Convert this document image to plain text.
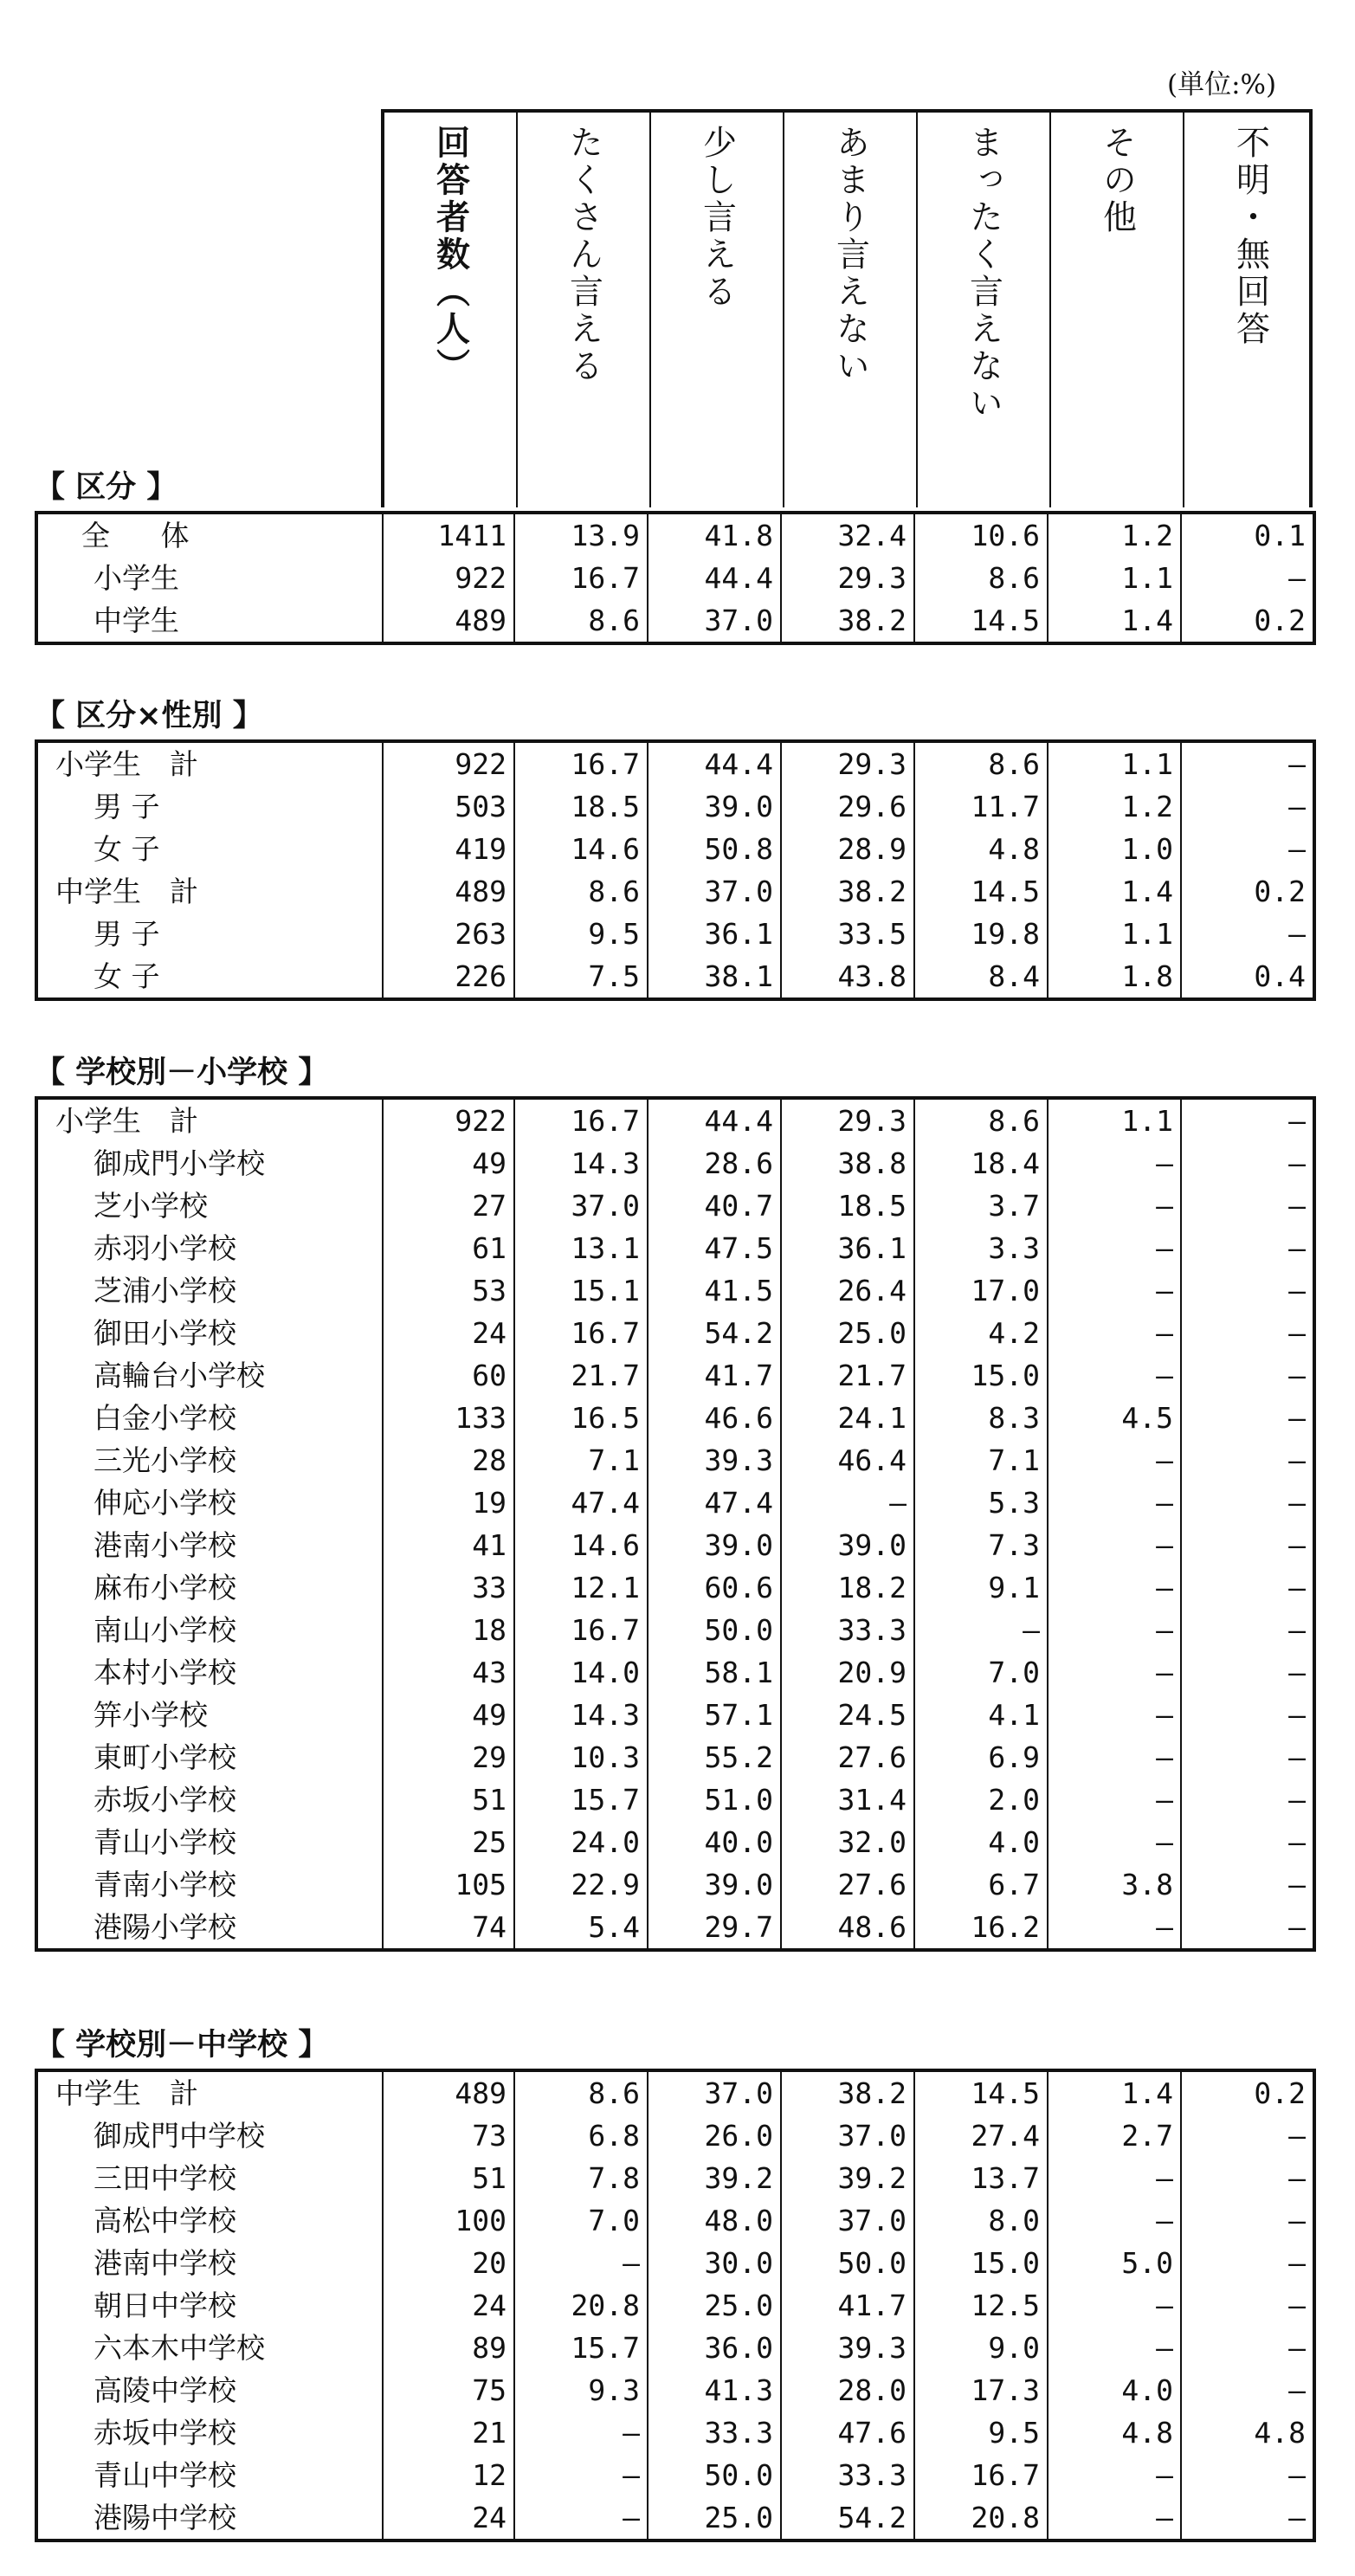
(単位:%)
回答者数（人）	たくさん言える	少し言える	あまり言えない	まったく言えない	その他	不明・無回答
【 区分 】
全 体	1411	13.9	41.8	32.4	10.6	1.2	0.1
小学生	922	16.7	44.4	29.3	8.6	1.1	–
中学生	489	8.6	37.0	38.2	14.5	1.4	0.2
【 区分×性別 】
小学生　計	922	16.7	44.4	29.3	8.6	1.1	–
男 子	503	18.5	39.0	29.6	11.7	1.2	–
女 子	419	14.6	50.8	28.9	4.8	1.0	–
中学生　計	489	8.6	37.0	38.2	14.5	1.4	0.2
男 子	263	9.5	36.1	33.5	19.8	1.1	–
女 子	226	7.5	38.1	43.8	8.4	1.8	0.4
【 学校別－小学校 】
小学生　計	922	16.7	44.4	29.3	8.6	1.1	–
御成門小学校	49	14.3	28.6	38.8	18.4	–	–
芝小学校	27	37.0	40.7	18.5	3.7	–	–
赤羽小学校	61	13.1	47.5	36.1	3.3	–	–
芝浦小学校	53	15.1	41.5	26.4	17.0	–	–
御田小学校	24	16.7	54.2	25.0	4.2	–	–
高輪台小学校	60	21.7	41.7	21.7	15.0	–	–
白金小学校	133	16.5	46.6	24.1	8.3	4.5	–
三光小学校	28	7.1	39.3	46.4	7.1	–	–
伸応小学校	19	47.4	47.4	–	5.3	–	–
港南小学校	41	14.6	39.0	39.0	7.3	–	–
麻布小学校	33	12.1	60.6	18.2	9.1	–	–
南山小学校	18	16.7	50.0	33.3	–	–	–
本村小学校	43	14.0	58.1	20.9	7.0	–	–
笄小学校	49	14.3	57.1	24.5	4.1	–	–
東町小学校	29	10.3	55.2	27.6	6.9	–	–
赤坂小学校	51	15.7	51.0	31.4	2.0	–	–
青山小学校	25	24.0	40.0	32.0	4.0	–	–
青南小学校	105	22.9	39.0	27.6	6.7	3.8	–
港陽小学校	74	5.4	29.7	48.6	16.2	–	–
【 学校別－中学校 】
中学生　計	489	8.6	37.0	38.2	14.5	1.4	0.2
御成門中学校	73	6.8	26.0	37.0	27.4	2.7	–
三田中学校	51	7.8	39.2	39.2	13.7	–	–
高松中学校	100	7.0	48.0	37.0	8.0	–	–
港南中学校	20	–	30.0	50.0	15.0	5.0	–
朝日中学校	24	20.8	25.0	41.7	12.5	–	–
六本木中学校	89	15.7	36.0	39.3	9.0	–	–
高陵中学校	75	9.3	41.3	28.0	17.3	4.0	–
赤坂中学校	21	–	33.3	47.6	9.5	4.8	4.8
青山中学校	12	–	50.0	33.3	16.7	–	–
港陽中学校	24	–	25.0	54.2	20.8	–	–
